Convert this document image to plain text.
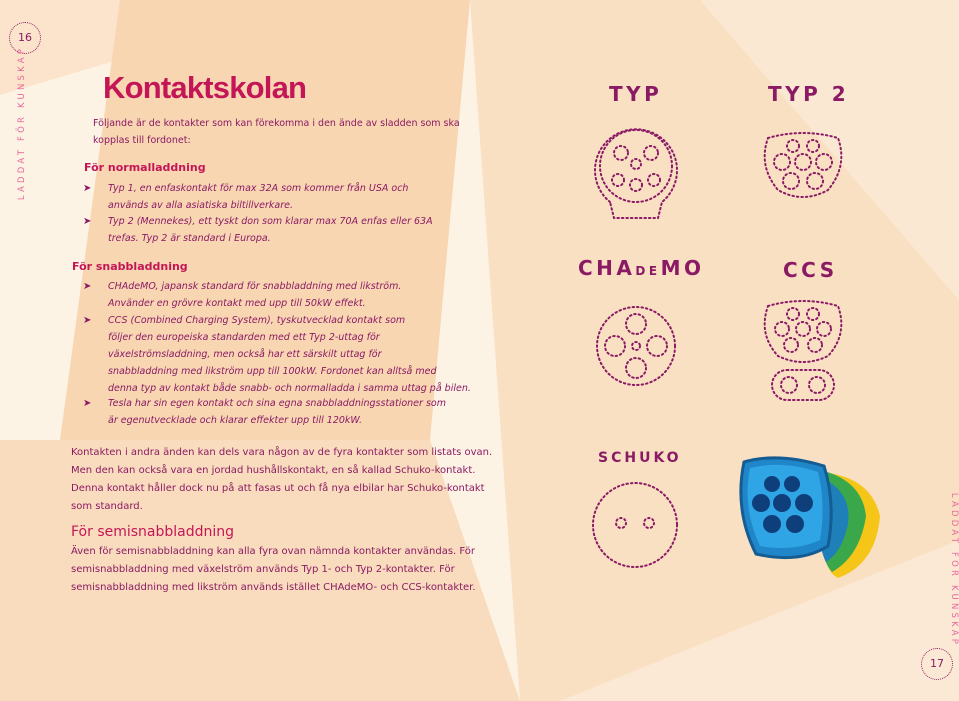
16
17
LADDAT FÖR KUNSKAP
LADDAT FÖR KUNSKAP
Kontaktskolan
Följande är de kontakter som kan förekomma i den ände av sladden som ska
kopplas till fordonet:
För normalladdning
➤ Typ 1, en enfaskontakt för max 32A som kommer från USA och
används av alla asiatiska biltillverkare.
➤ Typ 2 (Mennekes), ett tyskt don som klarar max 70A enfas eller 63A
trefas. Typ 2 är standard i Europa.
För snabbladdning
➤ CHAdeMO, japansk standard för snabbladdning med likström.
Använder en grövre kontakt med upp till 50kW effekt.
➤ CCS (Combined Charging System), tyskutvecklad kontakt som
följer den europeiska standarden med ett Typ 2-uttag för
växelströmsladdning, men också har ett särskilt uttag för
snabbladdning med likström upp till 100kW. Fordonet kan alltså med
denna typ av kontakt både snabb- och normalladda i samma uttag på bilen.
➤ Tesla har sin egen kontakt och sina egna snabbladdningsstationer som
är egenutvecklade och klarar effekter upp till 120kW.
Kontakten i andra änden kan dels vara någon av de fyra kontakter som listats ovan.
Men den kan också vara en jordad hushållskontakt, en så kallad Schuko-kontakt.
Denna kontakt håller dock nu på att fasas ut och få nya elbilar har Schuko-kontakt
som standard.
För semisnabbladdning
Även för semisnabbladdning kan alla fyra ovan nämnda kontakter användas. För
semisnabbladdning med växelström används Typ 1- och Typ 2-kontakter. För
semisnabbladdning med likström används istället CHAdeMO- och CCS-kontakter.
TYP	TYP 2
CHADEMO	CCS
SCHUKO
